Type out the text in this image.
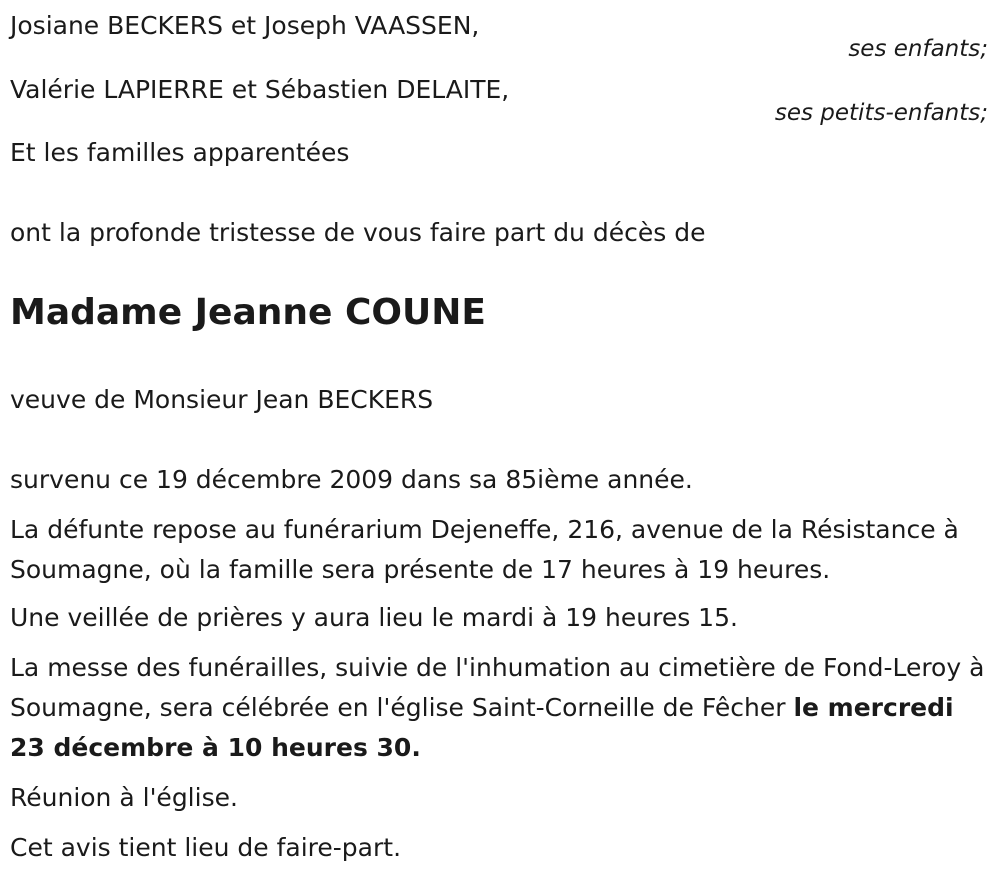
Josiane BECKERS et Joseph VAASSEN,

ses enfants;

Valérie LAPIERRE et Sébastien DELAITE,

ses petits-enfants;

Et les familles apparentées

ont la profonde tristesse de vous faire part du décès de

Madame Jeanne COUNE

veuve de Monsieur Jean BECKERS

survenu ce 19 décembre 2009 dans sa 85ième année.

La défunte repose au funérarium Dejeneffe, 216, avenue de la Résistance à Soumagne, où la famille sera présente de 17 heures à 19 heures.

Une veillée de prières y aura lieu le mardi à 19 heures 15.

La messe des funérailles, suivie de l'inhumation au cimetière de Fond-Leroy à Soumagne, sera célébrée en l'église Saint-Corneille de Fêcher le mercredi 23 décembre à 10 heures 30.

Réunion à l'église.

Cet avis tient lieu de faire-part.
